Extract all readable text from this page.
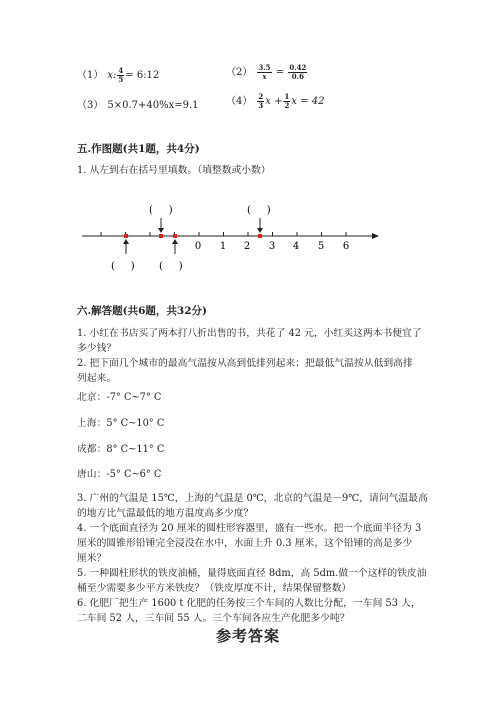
（1） x: $\frac{4}{5}$ = 6:12	$(2) \frac{3.5}{x} = \frac{0.42}{0.6}$
（3） 5×0.7+40%x=9.1	$(4) \frac{2}{3}$ $x + \frac{1}{2}$ x = 42
五.作图题(共1题，共4分)
1. 从左到右在括号里填数。（填整数或小数）
0 1 2 3 4 5 6
(     )	(     )
(     ) (     )
六.解答题(共6题，共32分)
1. 小红在书店买了两本打八折出售的书，共花了 42 元，小红买这两本书便宜了
多少钱？
2. 把下面几个城市的最高气温按从高到低排列起来；把最低气温按从低到高排
列起来。
北京：-7° C~7° C
上海：5° C~10° C
成都：8° C~11° C
唐山：-5° C~6° C
3. 广州的气温是 15℃，上海的气温是 0℃，北京的气温是－9℃，请问气温最高
的地方比气温最低的地方温度高多少度？
4. 一个底面直径为 20 厘米的圆柱形容器里，盛有一些水。把一个底面半径为 3
厘米的圆锥形铅锤完全浸没在水中，水面上升 0.3 厘米，这个铅锤的高是多少
厘米？
5. 一种圆柱形状的铁皮油桶，量得底面直径 8dm，高 5dm.做一个这样的铁皮油
桶至少需要多少平方米铁皮？（铁皮厚度不计，结果保留整数）
6. 化肥厂把生产 1600 t 化肥的任务按三个车间的人数比分配，一车间 53 人，
二车间 52 人，三车间 55 人。三个车间各应生产化肥多少吨？
参考答案
